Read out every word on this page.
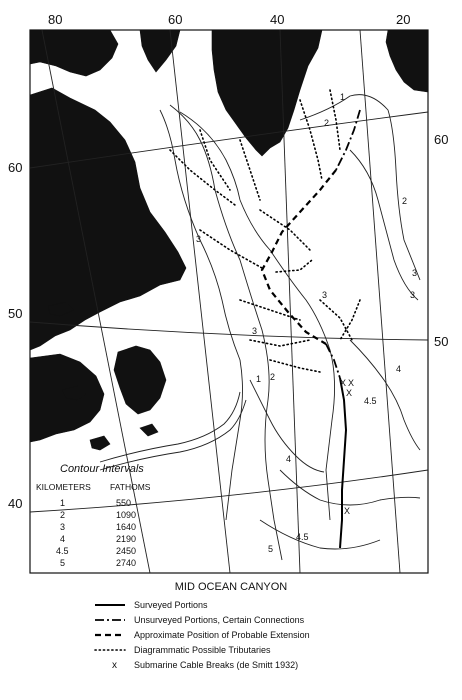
80	60	40	20
60
50
40
60
50
1
2
3
3
3
3
4
4
4.5
4.5
5
1 2
2
3
X X
X
X
Contour Intervals
KILOMETERS FATHOMS
1	550
2	1090
3	1640
4	2190
4.5	2450
5	2740
MID OCEAN CANYON
Surveyed Portions
Unsurveyed Portions, Certain Connections
Approximate Position of Probable Extension
Diagrammatic Possible Tributaries
x Submarine Cable Breaks (de Smitt 1932)
